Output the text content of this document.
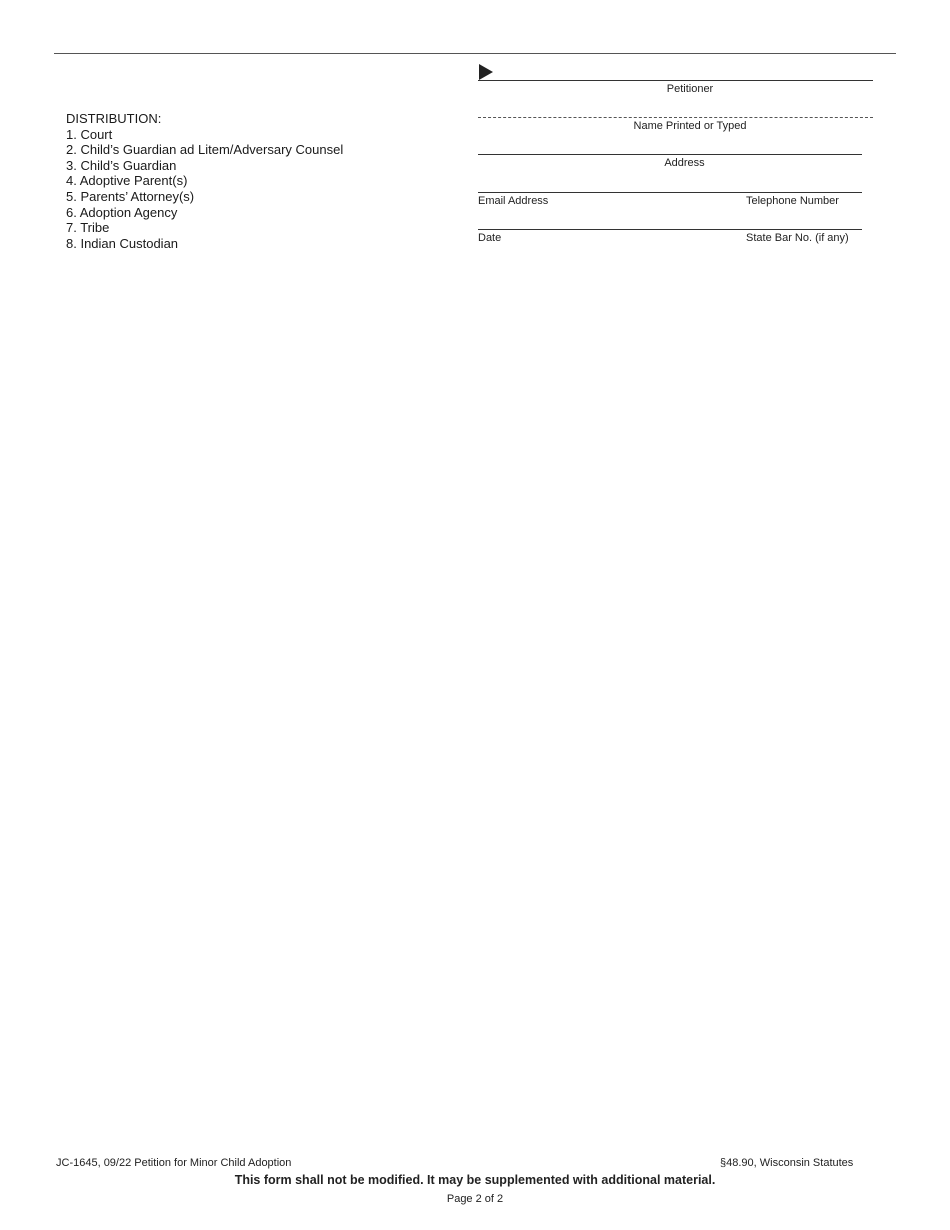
Petitioner
Name Printed or Typed
Address
Email Address	Telephone Number
Date	State Bar No. (if any)
DISTRIBUTION:
1. Court
2. Child’s Guardian ad Litem/Adversary Counsel
3. Child’s Guardian
4. Adoptive Parent(s)
5. Parents’ Attorney(s)
6. Adoption Agency
7. Tribe
8. Indian Custodian
JC-1645, 09/22 Petition for Minor Child Adoption	§48.90, Wisconsin Statutes
This form shall not be modified. It may be supplemented with additional material.
Page 2 of 2
